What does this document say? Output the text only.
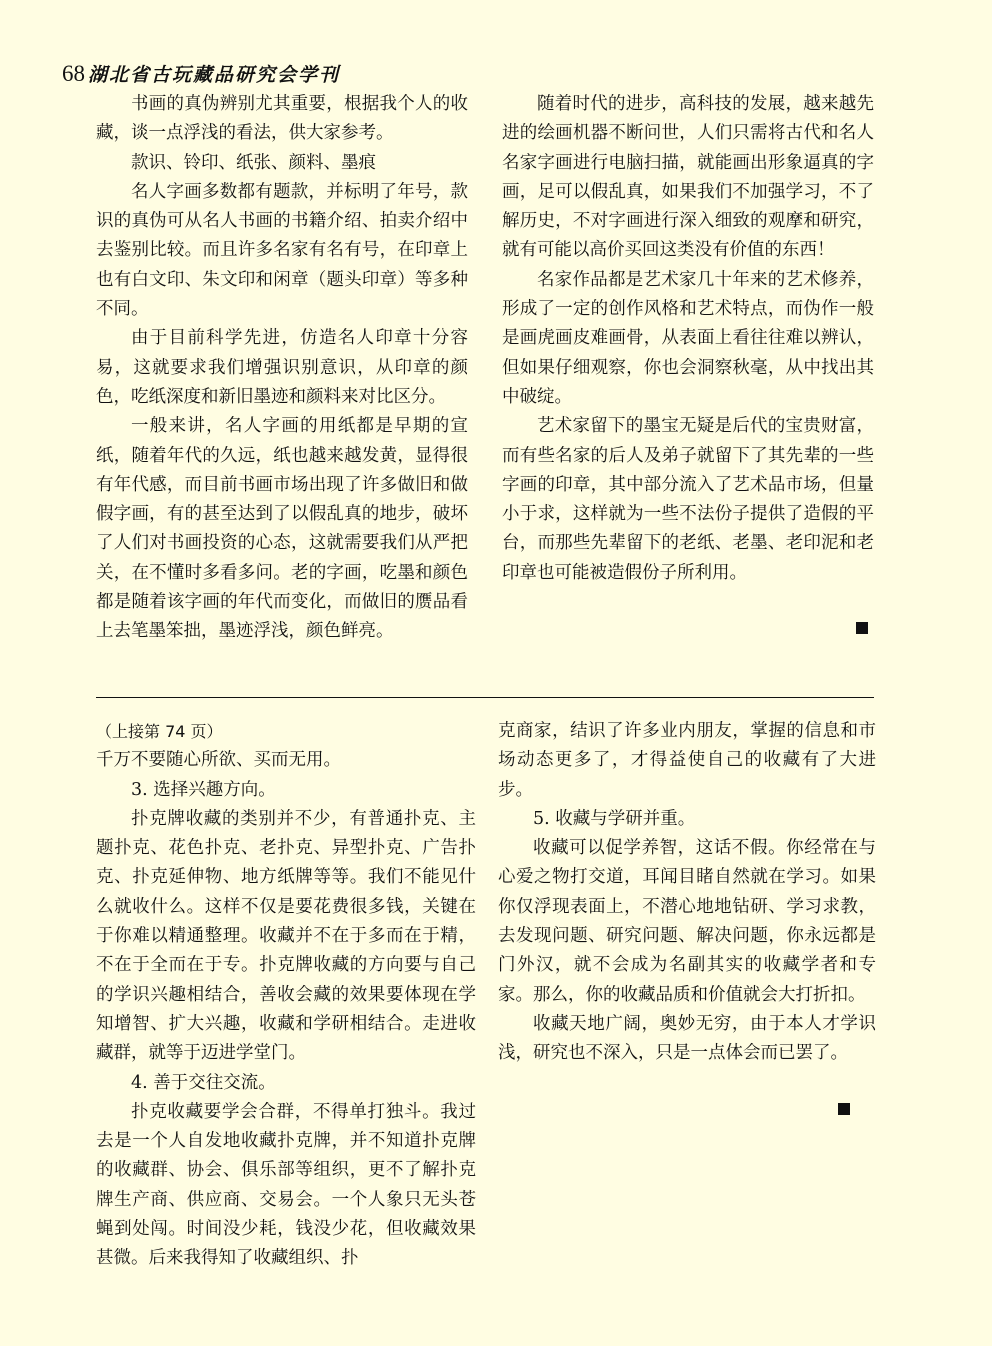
68 湖北省古玩藏品研究会学刊

书画的真伪辨别尤其重要，根据我个人的收藏，谈一点浮浅的看法，供大家参考。

款识、铃印、纸张、颜料、墨痕

名人字画多数都有题款，并标明了年号，款识的真伪可从名人书画的书籍介绍、拍卖介绍中去鉴别比较。而且许多名家有名有号，在印章上也有白文印、朱文印和闲章（题头印章）等多种不同。

由于目前科学先进，仿造名人印章十分容易，这就要求我们增强识别意识，从印章的颜色，吃纸深度和新旧墨迹和颜料来对比区分。

一般来讲，名人字画的用纸都是早期的宣纸，随着年代的久远，纸也越来越发黄，显得很有年代感，而目前书画市场出现了许多做旧和做假字画，有的甚至达到了以假乱真的地步，破坏了人们对书画投资的心态，这就需要我们从严把关，在不懂时多看多问。老的字画，吃墨和颜色都是随着该字画的年代而变化，而做旧的赝品看上去笔墨笨拙，墨迹浮浅，颜色鲜亮。

随着时代的进步，高科技的发展，越来越先进的绘画机器不断问世，人们只需将古代和名人名家字画进行电脑扫描，就能画出形象逼真的字画，足可以假乱真，如果我们不加强学习，不了解历史，不对字画进行深入细致的观摩和研究，就有可能以高价买回这类没有价值的东西！

名家作品都是艺术家几十年来的艺术修养，形成了一定的创作风格和艺术特点，而伪作一般是画虎画皮难画骨，从表面上看往往难以辨认，但如果仔细观察，你也会洞察秋毫，从中找出其中破绽。

艺术家留下的墨宝无疑是后代的宝贵财富，而有些名家的后人及弟子就留下了其先辈的一些字画的印章，其中部分流入了艺术品市场，但量小于求，这样就为一些不法份子提供了造假的平台，而那些先辈留下的老纸、老墨、老印泥和老印章也可能被造假份子所利用。

（上接第 74 页）

千万不要随心所欲、买而无用。

3. 选择兴趣方向。

扑克牌收藏的类别并不少，有普通扑克、主题扑克、花色扑克、老扑克、异型扑克、广告扑克、扑克延伸物、地方纸牌等等。我们不能见什么就收什么。这样不仅是要花费很多钱，关键在于你难以精通整理。收藏并不在于多而在于精，不在于全而在于专。扑克牌收藏的方向要与自己的学识兴趣相结合，善收会藏的效果要体现在学知增智、扩大兴趣，收藏和学研相结合。走进收藏群，就等于迈进学堂门。

4. 善于交往交流。

扑克收藏要学会合群，不得单打独斗。我过去是一个人自发地收藏扑克牌，并不知道扑克牌的收藏群、协会、俱乐部等组织，更不了解扑克牌生产商、供应商、交易会。一个人象只无头苍蝇到处闯。时间没少耗，钱没少花，但收藏效果甚微。后来我得知了收藏组织、扑

克商家，结识了许多业内朋友，掌握的信息和市场动态更多了，才得益使自己的收藏有了大进步。

5. 收藏与学研并重。

收藏可以促学养智，这话不假。你经常在与心爱之物打交道，耳闻目睹自然就在学习。如果你仅浮现表面上，不潜心地地钻研、学习求教，去发现问题、研究问题、解决问题，你永远都是门外汉，就不会成为名副其实的收藏学者和专家。那么，你的收藏品质和价值就会大打折扣。

收藏天地广阔，奥妙无穷，由于本人才学识浅，研究也不深入，只是一点体会而已罢了。
